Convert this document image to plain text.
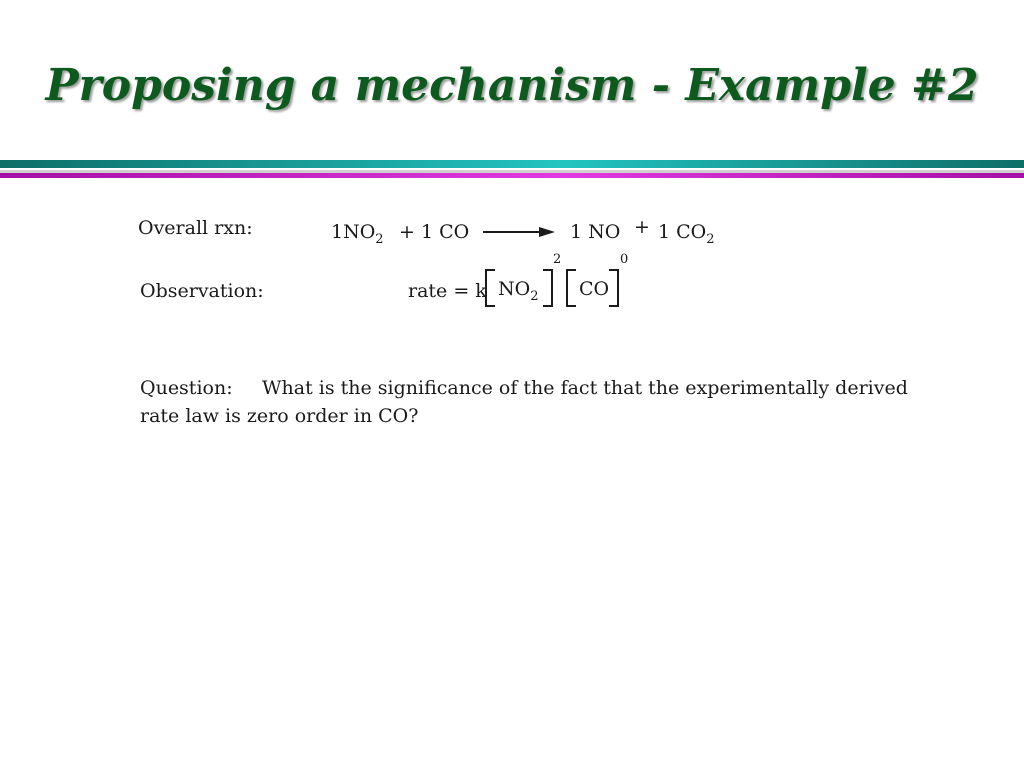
Proposing a mechanism - Example #2
Overall rxn:	$1NO_2 + 1$ CO	1 NO + 1 $CO_2$
Observation:	rate = k $NO_2$
2
CO
0
Question: What is the significance of the fact that the experimentally derived rate law is zero order in CO?
